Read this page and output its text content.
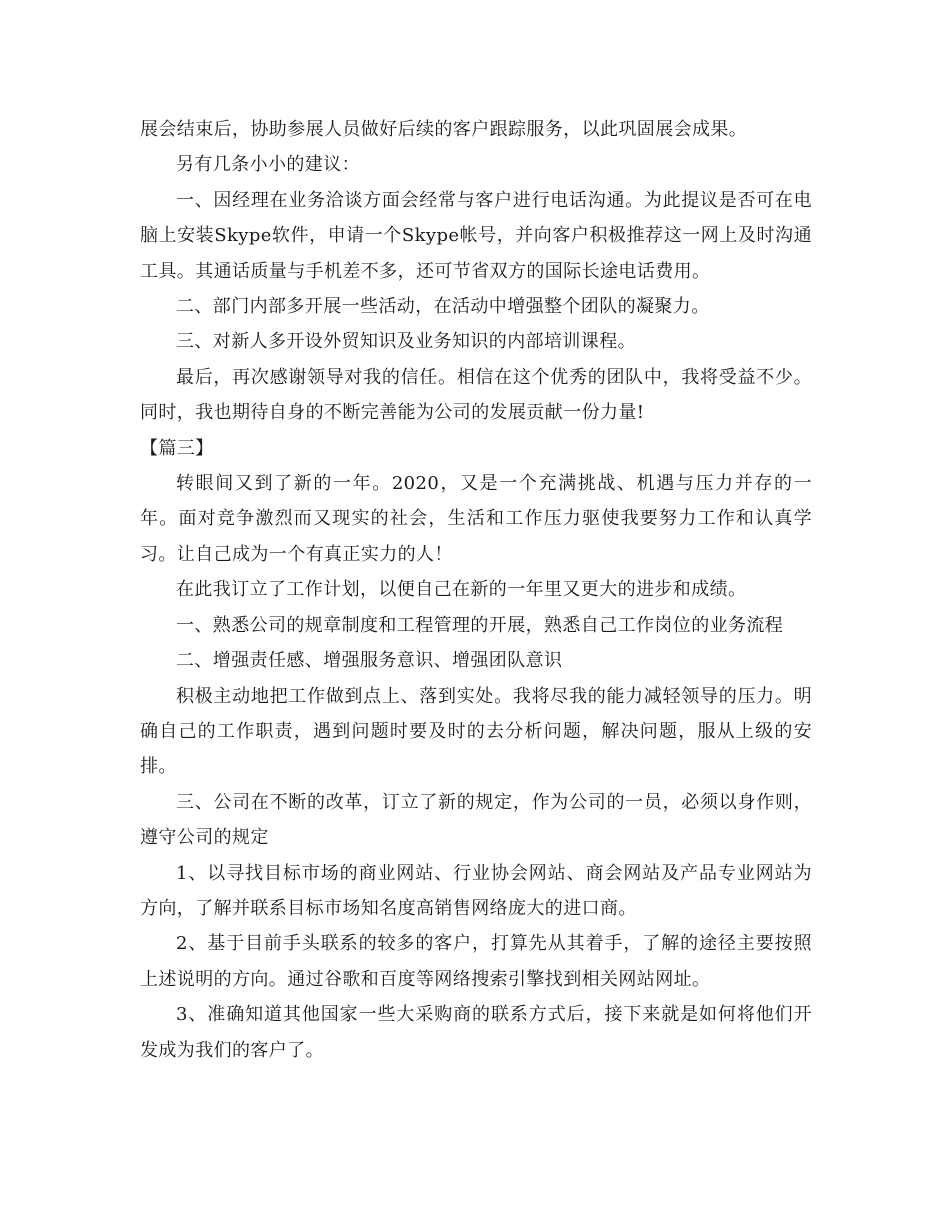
展会结束后，协助参展人员做好后续的客户跟踪服务，以此巩固展会成果。

另有几条小小的建议：

一、因经理在业务洽谈方面会经常与客户进行电话沟通。为此提议是否可在电脑上安装Skype软件，申请一个Skype帐号，并向客户积极推荐这一网上及时沟通工具。其通话质量与手机差不多，还可节省双方的国际长途电话费用。

二、部门内部多开展一些活动，在活动中增强整个团队的凝聚力。

三、对新人多开设外贸知识及业务知识的内部培训课程。

最后，再次感谢领导对我的信任。相信在这个优秀的团队中，我将受益不少。同时，我也期待自身的不断完善能为公司的发展贡献一份力量!

【篇三】

转眼间又到了新的一年。2020，又是一个充满挑战、机遇与压力并存的一年。面对竞争激烈而又现实的社会，生活和工作压力驱使我要努力工作和认真学习。让自己成为一个有真正实力的人！

在此我订立了工作计划，以便自己在新的一年里又更大的进步和成绩。

一、熟悉公司的规章制度和工程管理的开展，熟悉自己工作岗位的业务流程

二、增强责任感、增强服务意识、增强团队意识

积极主动地把工作做到点上、落到实处。我将尽我的能力减轻领导的压力。明确自己的工作职责，遇到问题时要及时的去分析问题，解决问题，服从上级的安排。

三、公司在不断的改革，订立了新的规定，作为公司的一员，必须以身作则，遵守公司的规定

1、以寻找目标市场的商业网站、行业协会网站、商会网站及产品专业网站为方向，了解并联系目标市场知名度高销售网络庞大的进口商。

2、基于目前手头联系的较多的客户，打算先从其着手，了解的途径主要按照上述说明的方向。通过谷歌和百度等网络搜索引擎找到相关网站网址。

3、准确知道其他国家一些大采购商的联系方式后，接下来就是如何将他们开发成为我们的客户了。
